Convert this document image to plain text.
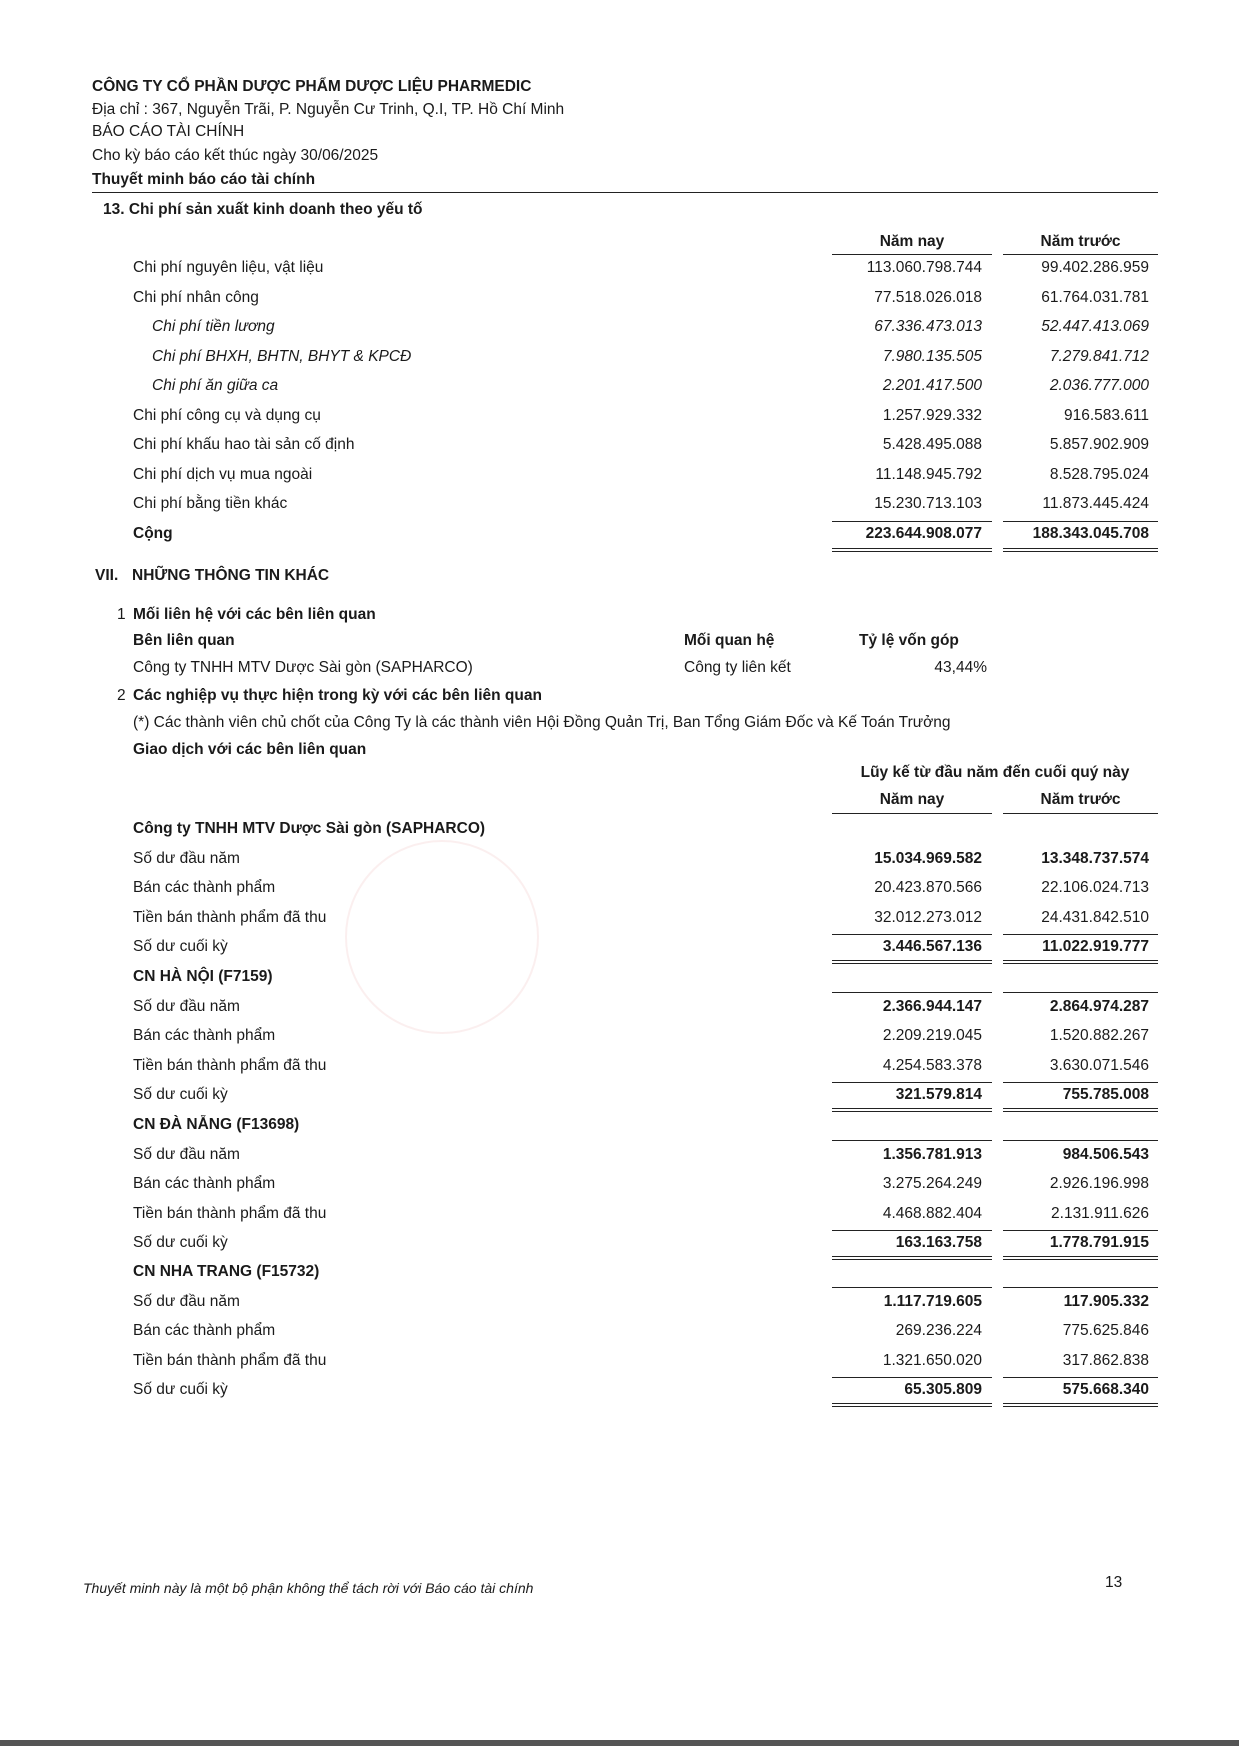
CÔNG TY CỔ PHẦN DƯỢC PHẨM DƯỢC LIỆU PHARMEDIC
Địa chỉ : 367, Nguyễn Trãi, P. Nguyễn Cư Trinh, Q.I, TP. Hồ Chí Minh
BÁO CÁO TÀI CHÍNH
Cho kỳ báo cáo kết thúc ngày 30/06/2025
Thuyết minh báo cáo tài chính
13. Chi phí sản xuất kinh doanh theo yếu tố
Năm nay	Năm trước
Chi phí nguyên liệu, vật liệu	113.060.798.744	99.402.286.959
Chi phí nhân công	77.518.026.018	61.764.031.781
Chi phí tiền lương	67.336.473.013	52.447.413.069
Chi phí BHXH, BHTN, BHYT & KPCĐ	7.980.135.505	7.279.841.712
Chi phí ăn giữa ca	2.201.417.500	2.036.777.000
Chi phí công cụ và dụng cụ	1.257.929.332	916.583.611
Chi phí khấu hao tài sản cố định	5.428.495.088	5.857.902.909
Chi phí dịch vụ mua ngoài	11.148.945.792	8.528.795.024
Chi phí bằng tiền khác	15.230.713.103	11.873.445.424
Cộng	223.644.908.077	188.343.045.708
VII. NHỮNG THÔNG TIN KHÁC
1 Mối liên hệ với các bên liên quan
Bên liên quan	Mối quan hệ	Tỷ lệ vốn góp
Công ty TNHH MTV Dược Sài gòn (SAPHARCO)	Công ty liên kết	43,44%
2 Các nghiệp vụ thực hiện trong kỳ với các bên liên quan
(*) Các thành viên chủ chốt của Công Ty là các thành viên Hội Đồng Quản Trị, Ban Tổng Giám Đốc và Kế Toán Trưởng
Giao dịch với các bên liên quan
Lũy kế từ đầu năm đến cuối quý này
Năm nay	Năm trước
Công ty TNHH MTV Dược Sài gòn (SAPHARCO)
Số dư đầu năm	15.034.969.582	13.348.737.574
Bán các thành phẩm	20.423.870.566	22.106.024.713
Tiền bán thành phẩm đã thu	32.012.273.012	24.431.842.510
Số dư cuối kỳ	3.446.567.136	11.022.919.777
CN HÀ NỘI (F7159)
Số dư đầu năm	2.366.944.147	2.864.974.287
Bán các thành phẩm	2.209.219.045	1.520.882.267
Tiền bán thành phẩm đã thu	4.254.583.378	3.630.071.546
Số dư cuối kỳ	321.579.814	755.785.008
CN ĐÀ NẴNG (F13698)
Số dư đầu năm	1.356.781.913	984.506.543
Bán các thành phẩm	3.275.264.249	2.926.196.998
Tiền bán thành phẩm đã thu	4.468.882.404	2.131.911.626
Số dư cuối kỳ	163.163.758	1.778.791.915
CN NHA TRANG (F15732)
Số dư đầu năm	1.117.719.605	117.905.332
Bán các thành phẩm	269.236.224	775.625.846
Tiền bán thành phẩm đã thu	1.321.650.020	317.862.838
Số dư cuối kỳ	65.305.809	575.668.340
Thuyết minh này là một bộ phận không thể tách rời với Báo cáo tài chính	13
